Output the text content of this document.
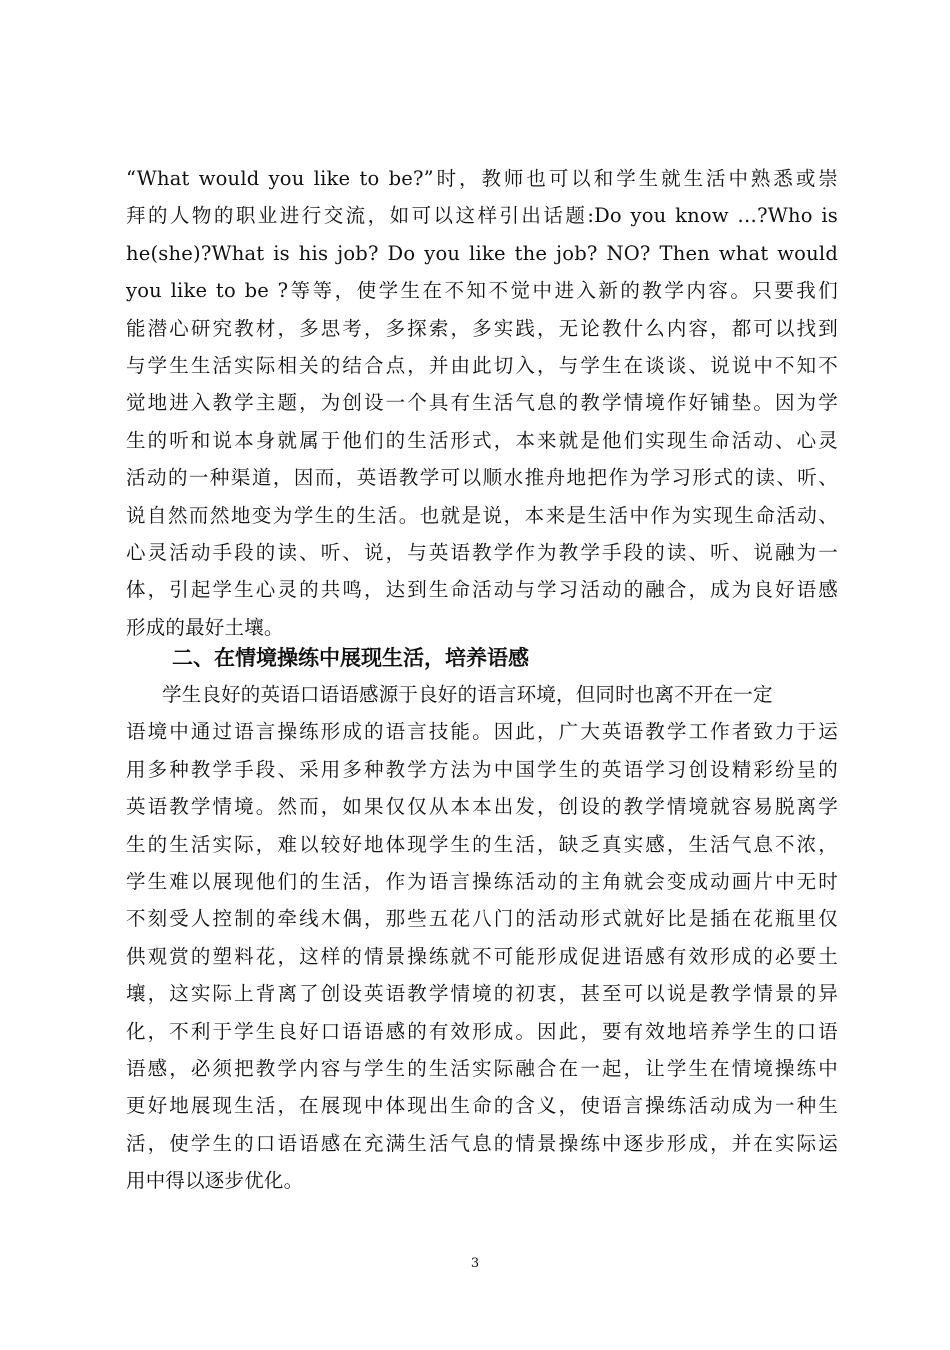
“What would you like to be?”时，教师也可以和学生就生活中熟悉或崇
拜的人物的职业进行交流，如可以这样引出话题:Do you know …?Who is
he(she)?What is his job? Do you like the job? NO? Then what would
you like to be ?等等，使学生在不知不觉中进入新的教学内容。只要我们
能潜心研究教材，多思考，多探索，多实践，无论教什么内容，都可以找到
与学生生活实际相关的结合点，并由此切入，与学生在谈谈、说说中不知不
觉地进入教学主题，为创设一个具有生活气息的教学情境作好铺垫。因为学
生的听和说本身就属于他们的生活形式，本来就是他们实现生命活动、心灵
活动的一种渠道，因而，英语教学可以顺水推舟地把作为学习形式的读、听、
说自然而然地变为学生的生活。也就是说，本来是生活中作为实现生命活动、
心灵活动手段的读、听、说，与英语教学作为教学手段的读、听、说融为一
体，引起学生心灵的共鸣，达到生命活动与学习活动的融合，成为良好语感
形成的最好土壤。
二、在情境操练中展现生活，培养语感
学生良好的英语口语语感源于良好的语言环境，但同时也离不开在一定
语境中通过语言操练形成的语言技能。因此，广大英语教学工作者致力于运
用多种教学手段、采用多种教学方法为中国学生的英语学习创设精彩纷呈的
英语教学情境。然而，如果仅仅从本本出发，创设的教学情境就容易脱离学
生的生活实际，难以较好地体现学生的生活，缺乏真实感，生活气息不浓，
学生难以展现他们的生活，作为语言操练活动的主角就会变成动画片中无时
不刻受人控制的牵线木偶，那些五花八门的活动形式就好比是插在花瓶里仅
供观赏的塑料花，这样的情景操练就不可能形成促进语感有效形成的必要土
壤，这实际上背离了创设英语教学情境的初衷，甚至可以说是教学情景的异
化，不利于学生良好口语语感的有效形成。因此，要有效地培养学生的口语
语感，必须把教学内容与学生的生活实际融合在一起，让学生在情境操练中
更好地展现生活，在展现中体现出生命的含义，使语言操练活动成为一种生
活，使学生的口语语感在充满生活气息的情景操练中逐步形成，并在实际运
用中得以逐步优化。
3
